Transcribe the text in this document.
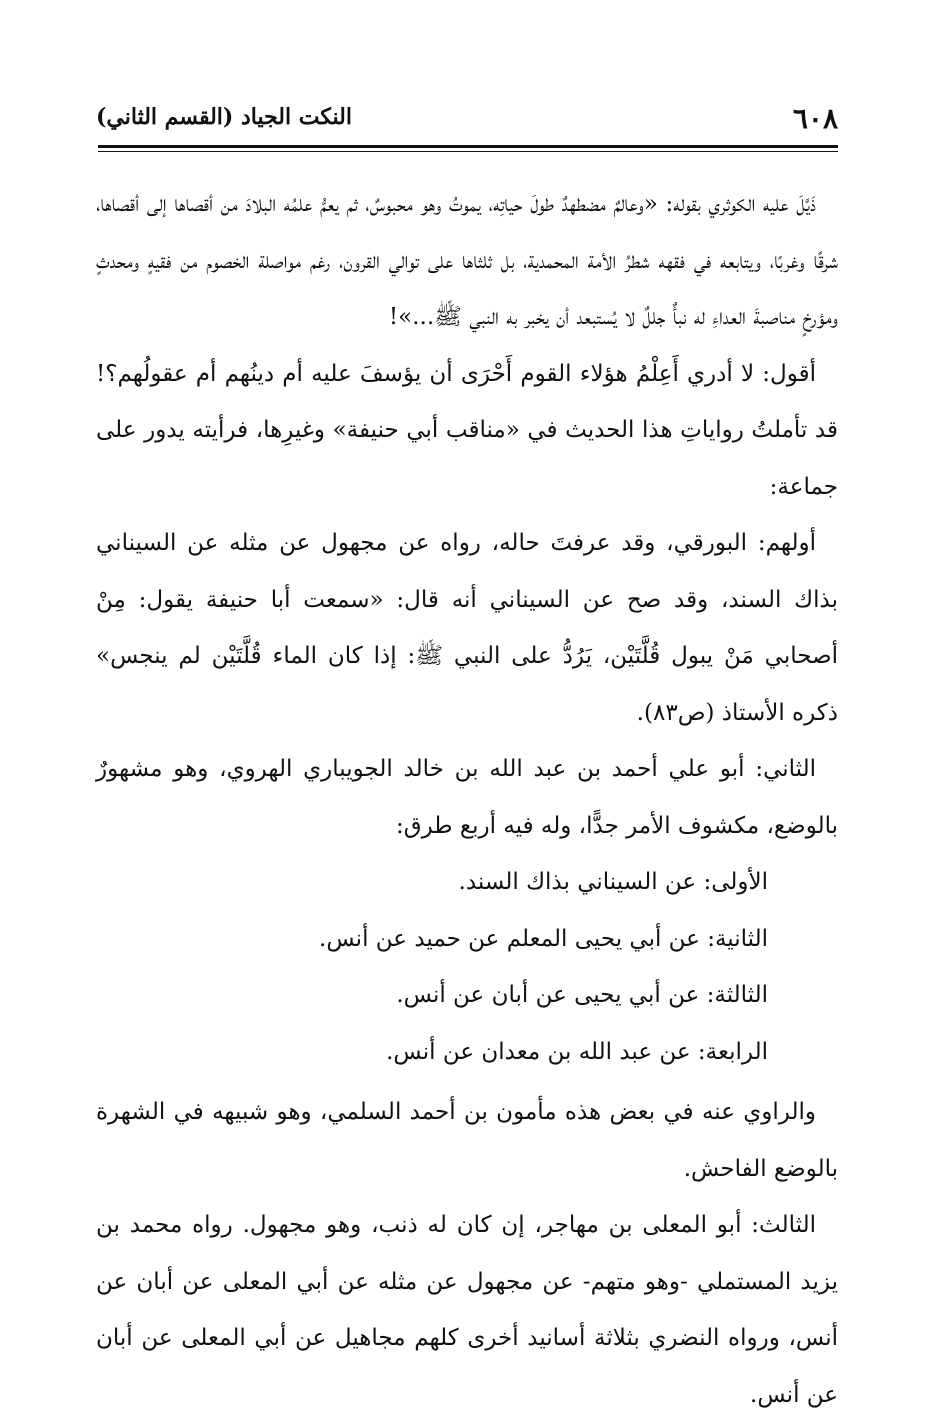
٦٠٨
النكت الجياد (القسم الثاني)

ذَيَّلَ عليه الكوثري بقوله: «وعالمٌ مضطهدٌ طولَ حياتِه، يموتُ وهو محبوسٌ، ثم يعمُّ علمُه البلادَ من أقصاها إلى أقصاها، شرقًا وغربًا، ويتابعه في فقهه شطرُ الأمة المحمدية، بل ثلثاها على توالي القرون، رغم مواصلة الخصوم من فقيهٍ ومحدثٍ ومؤرخٍ مناصبةَ العداءِ له نبأٌ جللٌ لا يُستبعد أن يخبر به النبي ﷺ...»!

أقول: لا أدري أَعِلْمُ هؤلاء القوم أَحْرَى أن يؤسفَ عليه أم دينُهم أم عقولُهم؟! قد تأملتُ رواياتِ هذا الحديث في «مناقب أبي حنيفة» وغيرِها، فرأيته يدور على جماعة:

أولهم: البورقي، وقد عرفتَ حاله، رواه عن مجهول عن مثله عن السيناني بذاك السند، وقد صح عن السيناني أنه قال: «سمعت أبا حنيفة يقول: مِنْ أصحابي مَنْ يبول قُلَّتَيْن، يَرُدُّ على النبي ﷺ: إذا كان الماء قُلَّتَيْن لم ينجس» ذكره الأستاذ (ص٨٣).

الثاني: أبو علي أحمد بن عبد الله بن خالد الجويباري الهروي، وهو مشهورٌ بالوضع، مكشوف الأمر جدًّا، وله فيه أربع طرق:

الأولى: عن السيناني بذاك السند.

الثانية: عن أبي يحيى المعلم عن حميد عن أنس.

الثالثة: عن أبي يحيى عن أبان عن أنس.

الرابعة: عن عبد الله بن معدان عن أنس.

والراوي عنه في بعض هذه مأمون بن أحمد السلمي، وهو شبيهه في الشهرة بالوضع الفاحش.

الثالث: أبو المعلى بن مهاجر، إن كان له ذنب، وهو مجهول. رواه محمد بن يزيد المستملي -وهو متهم- عن مجهول عن مثله عن أبي المعلى عن أبان عن أنس، ورواه النضري بثلاثة أسانيد أخرى كلهم مجاهيل عن أبي المعلى عن أبان عن أنس.
